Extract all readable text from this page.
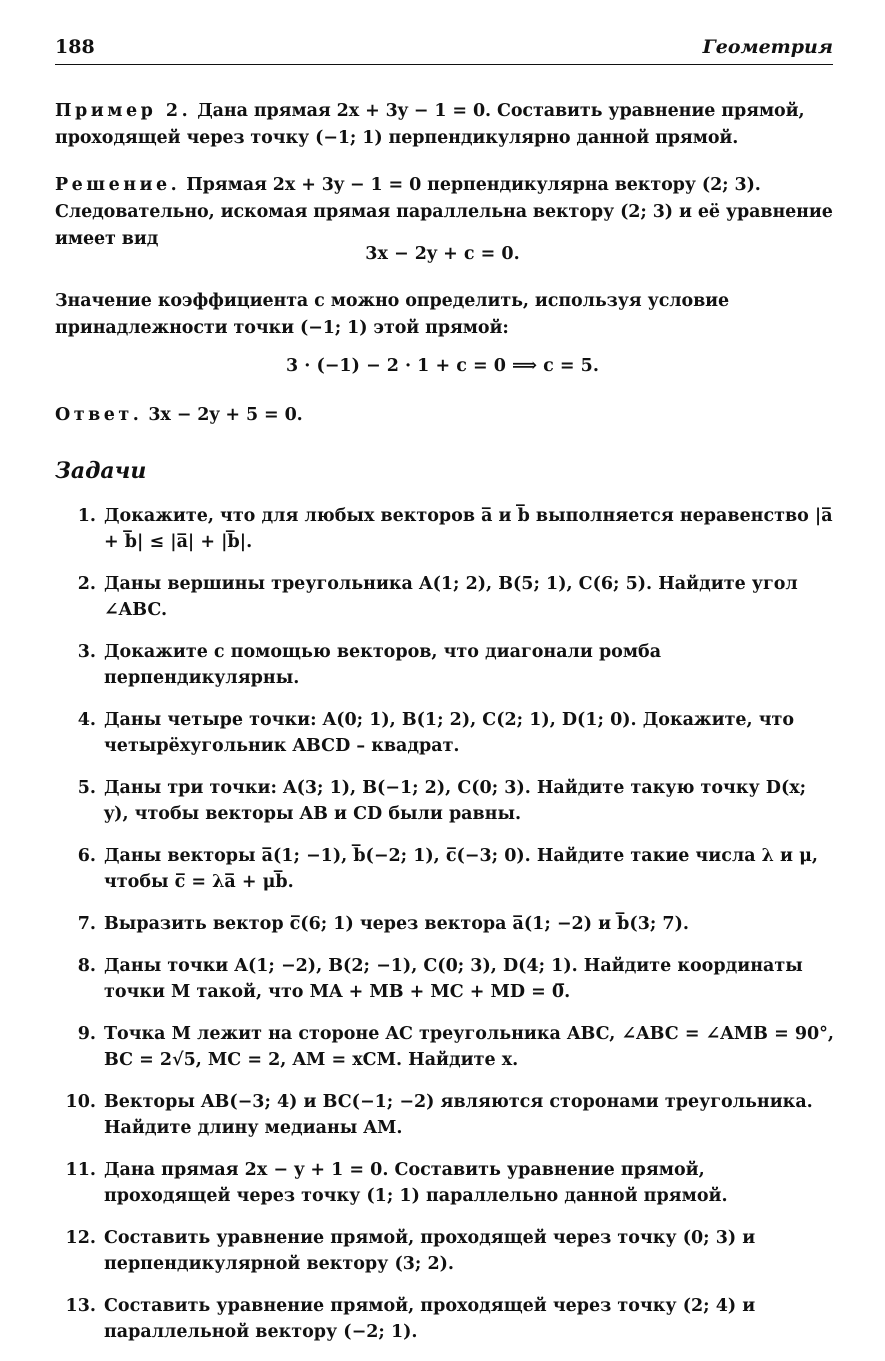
188	Геометрия
Пример 2. Дана прямая 2x + 3y − 1 = 0. Составить уравнение прямой, проходящей через точку (−1; 1) перпендикулярно данной прямой.
Решение. Прямая 2x + 3y − 1 = 0 перпендикулярна вектору (2; 3). Следовательно, искомая прямая параллельна вектору (2; 3) и её уравнение имеет вид
3x − 2y + c = 0.
Значение коэффициента c можно определить, используя условие принадлежности точки (−1; 1) этой прямой:
3 · (−1) − 2 · 1 + c = 0 ⟹ c = 5.
Ответ. 3x − 2y + 5 = 0.
Задачи
1. Докажите, что для любых векторов a̅ и b̅ выполняется неравенство |a̅ + b̅| ≤ |a̅| + |b̅|.
2. Даны вершины треугольника A(1; 2), B(5; 1), C(6; 5). Найдите угол ∠ABC.
3. Докажите с помощью векторов, что диагонали ромба перпендикулярны.
4. Даны четыре точки: A(0; 1), B(1; 2), C(2; 1), D(1; 0). Докажите, что четырёхугольник ABCD – квадрат.
5. Даны три точки: A(3; 1), B(−1; 2), C(0; 3). Найдите такую точку D(x; y), чтобы векторы AB и CD были равны.
6. Даны векторы a̅(1; −1), b̅(−2; 1), c̅(−3; 0). Найдите такие числа λ и μ, чтобы c̅ = λa̅ + μb̅.
7. Выразить вектор c̅(6; 1) через вектора a̅(1; −2) и b̅(3; 7).
8. Даны точки A(1; −2), B(2; −1), C(0; 3), D(4; 1). Найдите координаты точки M такой, что MA + MB + MC + MD = 0̅.
9. Точка M лежит на стороне AC треугольника ABC, ∠ABC = ∠AMB = 90°, BC = 2√5, MC = 2, AM = xCM. Найдите x.
10. Векторы AB(−3; 4) и BC(−1; −2) являются сторонами треугольника. Найдите длину медианы AM.
11. Дана прямая 2x − y + 1 = 0. Составить уравнение прямой, проходящей через точку (1; 1) параллельно данной прямой.
12. Составить уравнение прямой, проходящей через точку (0; 3) и перпендикулярной вектору (3; 2).
13. Составить уравнение прямой, проходящей через точку (2; 4) и параллельной вектору (−2; 1).
